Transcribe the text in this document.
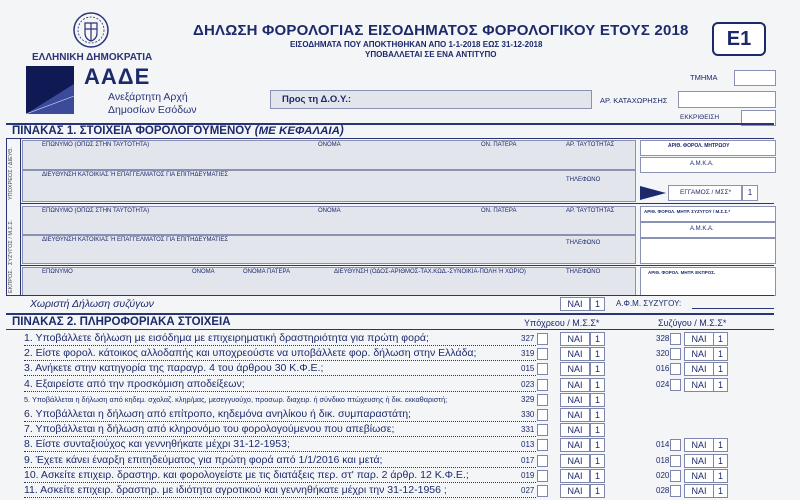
ΕΛΛΗΝΙΚΗ ΔΗΜΟΚΡΑΤΙΑ
ΑΑΔΕ
Ανεξάρτητη Αρχή
Δημοσίων Εσόδων
ΔΗΛΩΣΗ ΦΟΡΟΛΟΓΙΑΣ ΕΙΣΟΔΗΜΑΤΟΣ ΦΟΡΟΛΟΓΙΚΟΥ ΕΤΟΥΣ 2018
ΕΙΣΟΔΗΜΑΤΑ ΠΟΥ ΑΠΟΚΤΗΘΗΚΑΝ ΑΠΟ 1-1-2018 ΕΩΣ 31-12-2018
ΥΠΟΒΑΛΛΕΤΑΙ ΣΕ ΕΝΑ ΑΝΤΙΤΥΠΟ
E1
ΤΜΗΜΑ
Προς τη Δ.Ο.Υ.:	ΑΡ. ΚΑΤΑΧΩΡΗΣΗΣ
ΕΚΚΡΙΘΕΙΣΗ
ΠΙΝΑΚΑΣ 1. ΣΤΟΙΧΕΙΑ ΦΟΡΟΛΟΓΟΥΜΕΝΟΥ (ΜΕ ΚΕΦΑΛΑΙΑ)
ΥΠΟΧΡΕΟΣ / ΔΙΕΥΘ.
ΣΥΖΥΓΟΣ / Μ.Σ.Σ.
ΕΚΠΡΟΣ.
ΕΠΩΝΥΜΟ (ΟΠΩΣ ΣΤΗΝ ΤΑΥΤΟΤΗΤΑ)	ΟΝΟΜΑ	ΟΝ. ΠΑΤΕΡΑ	ΑΡ. ΤΑΥΤΟΤΗΤΑΣ	ΑΡΙΘ. ΦΟΡΟΛ. ΜΗΤΡΩΟΥ
Α.Μ.Κ.Α.
ΔΙΕΥΘΥΝΣΗ ΚΑΤΟΙΚΙΑΣ Ή ΕΠΑΓΓΕΛΜΑΤΟΣ ΓΙΑ ΕΠΙΤΗΔΕΥΜΑΤΙΕΣ
ΤΗΛΕΦΩΝΟ
ΕΓΓΑΜΟΣ / ΜΣΣ*	1
ΕΠΩΝΥΜΟ (ΟΠΩΣ ΣΤΗΝ ΤΑΥΤΟΤΗΤΑ)	ΟΝΟΜΑ	ΟΝ. ΠΑΤΕΡΑ	ΑΡ. ΤΑΥΤΟΤΗΤΑΣ	ΑΡΙΘ. ΦΟΡΟΛ. ΜΗΤΡ. ΣΥΖΥΓΟΥ / Μ.Σ.Σ.*
Α.Μ.Κ.Α.
ΔΙΕΥΘΥΝΣΗ ΚΑΤΟΙΚΙΑΣ Ή ΕΠΑΓΓΕΛΜΑΤΟΣ ΓΙΑ ΕΠΙΤΗΔΕΥΜΑΤΙΕΣ	ΤΗΛΕΦΩΝΟ
ΕΠΩΝΥΜΟ	ΟΝΟΜΑ	ΟΝΟΜΑ ΠΑΤΕΡΑ	ΔΙΕΥΘΥΝΣΗ (ΟΔΟΣ-ΑΡΙΘΜΟΣ-ΤΑΧ.ΚΩΔ.-ΣΥΝΟΙΚΙΑ-ΠΟΛΗ Ή ΧΩΡΙΟ)	ΤΗΛΕΦΩΝΟ	ΑΡΙΘ. ΦΟΡΟΛ. ΜΗΤΡ. ΕΚΠΡΟΣ.
Χωριστή Δήλωση συζύγων	ΝΑΙ	1	Α.Φ.Μ. ΣΥΖΥΓΟΥ:
ΠΙΝΑΚΑΣ 2. ΠΛΗΡΟΦΟΡΙΑΚΑ ΣΤΟΙΧΕΙΑ	Υπόχρεου / Μ.Σ.Σ*	Συζύγου / Μ.Σ.Σ*
1. Υποβάλλετε δήλωση με εισόδημα με επιχειρηματική δραστηριότητα για πρώτη φορά;	327	ΝΑΙ	1	328	ΝΑΙ	1
2. Είστε φορολ. κάτοικος αλλοδαπής και υποχρεούστε να υποβάλλετε φορ. δήλωση στην Ελλάδα;	319	ΝΑΙ	1	320	ΝΑΙ	1
3. Ανήκετε στην κατηγορία της παραγρ. 4 του άρθρου 30 Κ.Φ.Ε.;	015	ΝΑΙ	1	016	ΝΑΙ	1
4. Εξαιρείστε από την προσκόμιση αποδείξεων;	023	ΝΑΙ	1	024	ΝΑΙ	1
5. Υποβάλλεται η δήλωση από κηδεμ. σχολαζ. κληρ/μας, μεσεγγυούχο, προσωρ. διαχειρ. ή σύνδικο πτώχευσης ή δικ. εκκαθαριστή;	329	ΝΑΙ	1
6. Υποβάλλεται η δήλωση από επίτροπο, κηδεμόνα ανηλίκου ή δικ. συμπαραστάτη;	330	ΝΑΙ	1
7. Υποβάλλεται η δήλωση από κληρονόμο του φορολογούμενου που απεβίωσε;	331	ΝΑΙ	1
8. Είστε συνταξιούχος και γεννηθήκατε μέχρι 31-12-1953;	013	ΝΑΙ	1	014	ΝΑΙ	1
9. Έχετε κάνει έναρξη επιτηδεύματος για πρώτη φορά από 1/1/2016 και μετά;	017	ΝΑΙ	1	018	ΝΑΙ	1
10. Ασκείτε επιχειρ. δραστηρ. και φορολογείστε με τις διατάξεις περ. στ' παρ. 2 άρθρ. 12 Κ.Φ.Ε.;	019	ΝΑΙ	1	020	ΝΑΙ	1
11. Ασκείτε επιχειρ. δραστηρ. με ιδιότητα αγροτικού και γεννηθήκατε μέχρι την 31-12-1956 ;	027	ΝΑΙ	1	028	ΝΑΙ	1
